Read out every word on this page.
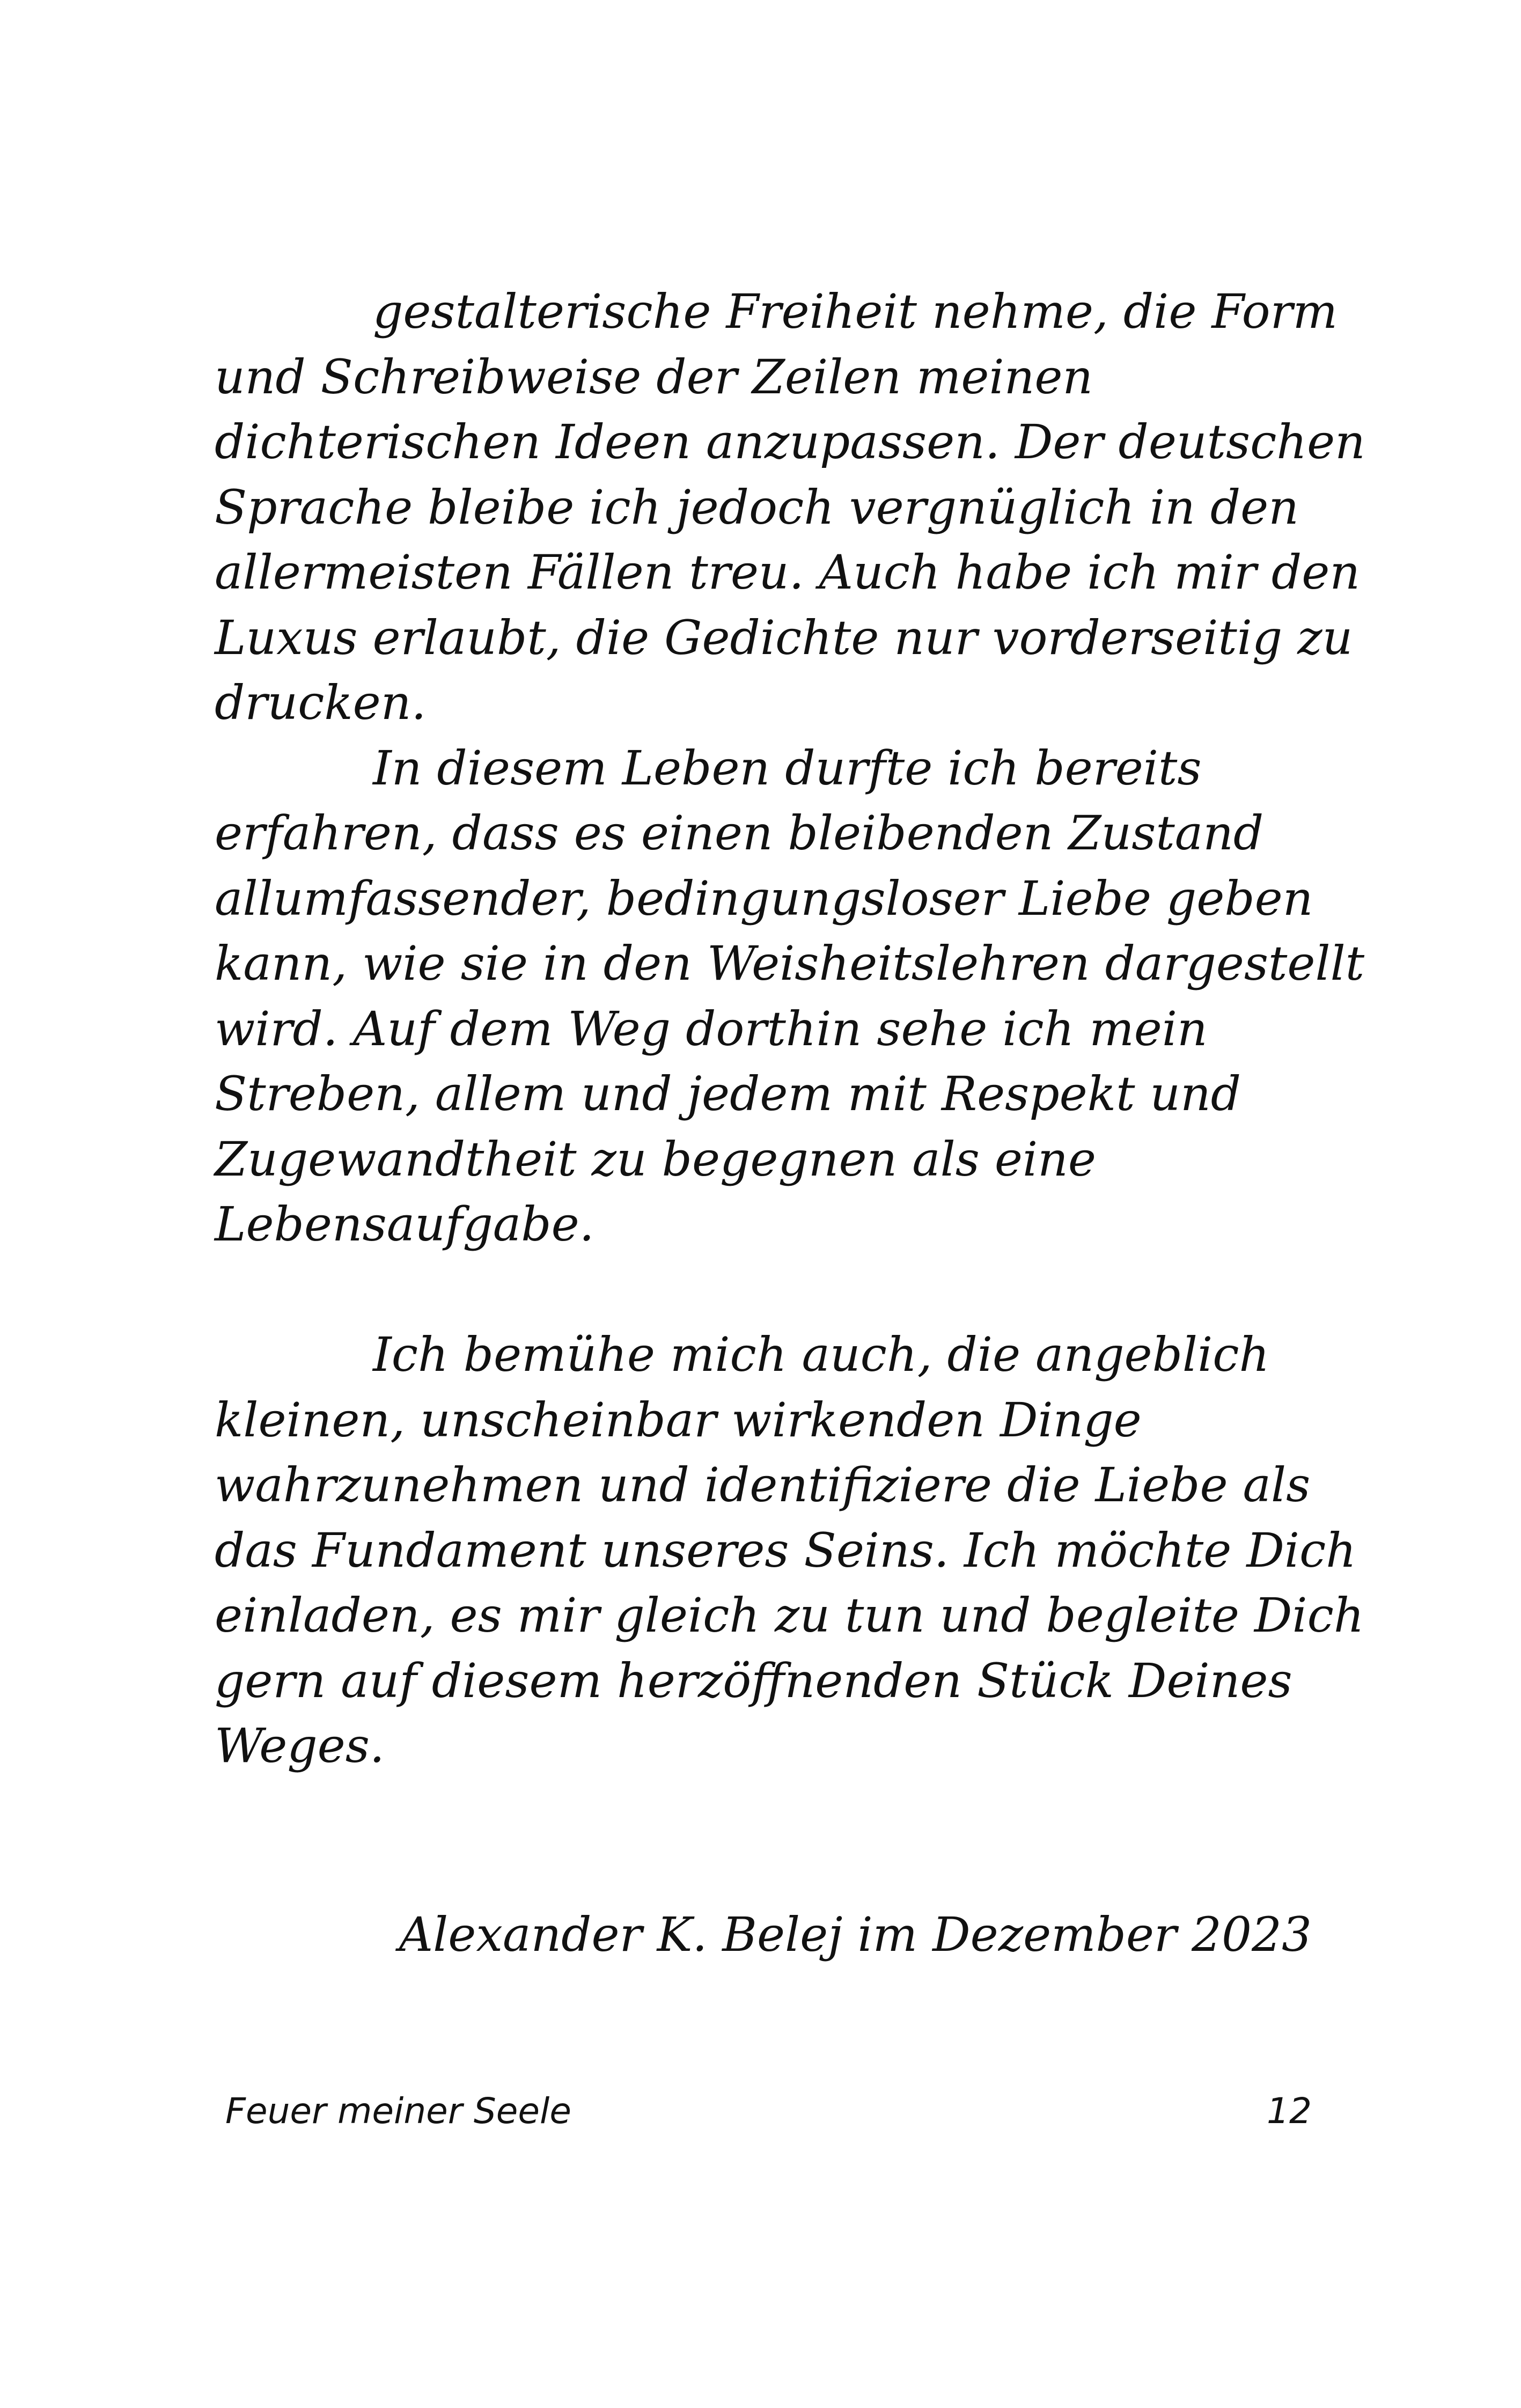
gestalterische Freiheit nehme, die Form
und Schreibweise der Zeilen meinen
dichterischen Ideen anzupassen. Der deutschen
Sprache bleibe ich jedoch vergnüglich in den
allermeisten Fällen treu. Auch habe ich mir den
Luxus erlaubt, die Gedichte nur vorderseitig zu
drucken.
In diesem Leben durfte ich bereits
erfahren, dass es einen bleibenden Zustand
allumfassender, bedingungsloser Liebe geben
kann, wie sie in den Weisheitslehren dargestellt
wird. Auf dem Weg dorthin sehe ich mein
Streben, allem und jedem mit Respekt und
Zugewandtheit zu begegnen als eine
Lebensaufgabe.
Ich bemühe mich auch, die angeblich
kleinen, unscheinbar wirkenden Dinge
wahrzunehmen und identifiziere die Liebe als
das Fundament unseres Seins. Ich möchte Dich
einladen, es mir gleich zu tun und begleite Dich
gern auf diesem herzöffnenden Stück Deines
Weges.
Alexander K. Belej im Dezember 2023
Feuer meiner Seele	12
